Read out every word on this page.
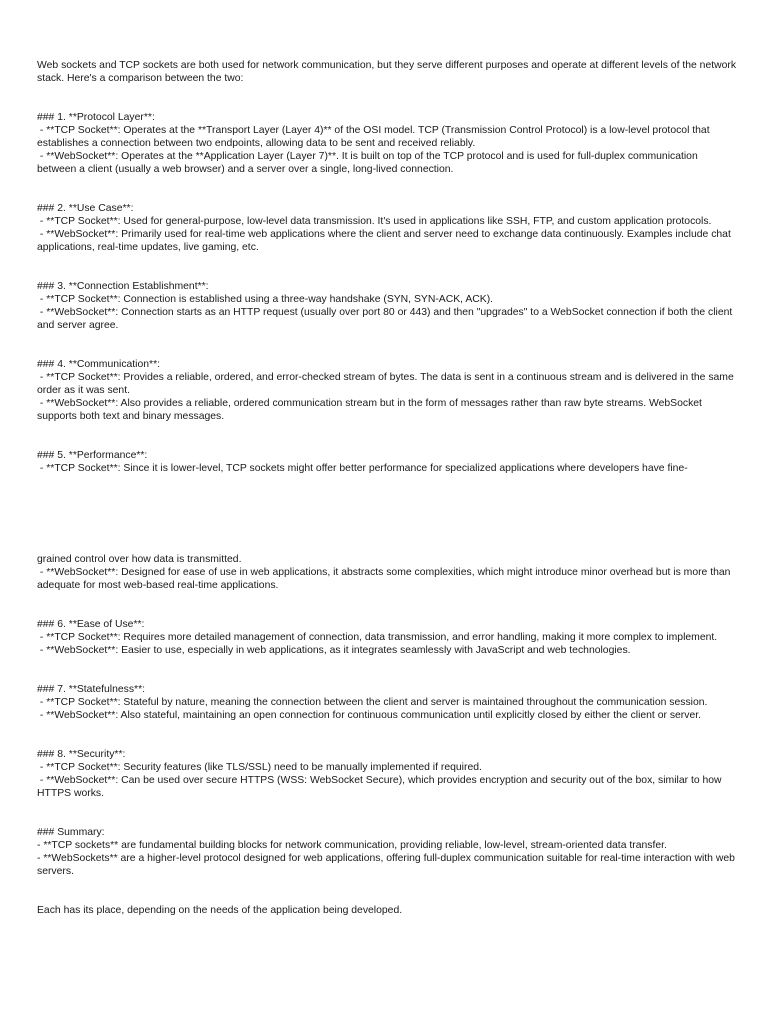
Web sockets and TCP sockets are both used for network communication, but they serve different purposes and operate at different levels of the network stack. Here's a comparison between the two:

### 1. **Protocol Layer**:
- **TCP Socket**: Operates at the **Transport Layer (Layer 4)** of the OSI model. TCP (Transmission Control Protocol) is a low-level protocol that establishes a connection between two endpoints, allowing data to be sent and received reliably.
- **WebSocket**: Operates at the **Application Layer (Layer 7)**. It is built on top of the TCP protocol and is used for full-duplex communication between a client (usually a web browser) and a server over a single, long-lived connection.
### 2. **Use Case**:
- **TCP Socket**: Used for general-purpose, low-level data transmission. It's used in applications like SSH, FTP, and custom application protocols.
- **WebSocket**: Primarily used for real-time web applications where the client and server need to exchange data continuously. Examples include chat applications, real-time updates, live gaming, etc.
### 3. **Connection Establishment**:
- **TCP Socket**: Connection is established using a three-way handshake (SYN, SYN-ACK, ACK).
- **WebSocket**: Connection starts as an HTTP request (usually over port 80 or 443) and then "upgrades" to a WebSocket connection if both the client and server agree.
### 4. **Communication**:
- **TCP Socket**: Provides a reliable, ordered, and error-checked stream of bytes. The data is sent in a continuous stream and is delivered in the same order as it was sent.
- **WebSocket**: Also provides a reliable, ordered communication stream but in the form of messages rather than raw byte streams. WebSocket supports both text and binary messages.
### 5. **Performance**:
- **TCP Socket**: Since it is lower-level, TCP sockets might offer better performance for specialized applications where developers have fine-
grained control over how data is transmitted.
- **WebSocket**: Designed for ease of use in web applications, it abstracts some complexities, which might introduce minor overhead but is more than adequate for most web-based real-time applications.
### 6. **Ease of Use**:
- **TCP Socket**: Requires more detailed management of connection, data transmission, and error handling, making it more complex to implement.
- **WebSocket**: Easier to use, especially in web applications, as it integrates seamlessly with JavaScript and web technologies.
### 7. **Statefulness**:
- **TCP Socket**: Stateful by nature, meaning the connection between the client and server is maintained throughout the communication session.
- **WebSocket**: Also stateful, maintaining an open connection for continuous communication until explicitly closed by either the client or server.
### 8. **Security**:
- **TCP Socket**: Security features (like TLS/SSL) need to be manually implemented if required.
- **WebSocket**: Can be used over secure HTTPS (WSS: WebSocket Secure), which provides encryption and security out of the box, similar to how HTTPS works.
### Summary:
- **TCP sockets** are fundamental building blocks for network communication, providing reliable, low-level, stream-oriented data transfer.
- **WebSockets** are a higher-level protocol designed for web applications, offering full-duplex communication suitable for real-time interaction with web servers.

Each has its place, depending on the needs of the application being developed.
